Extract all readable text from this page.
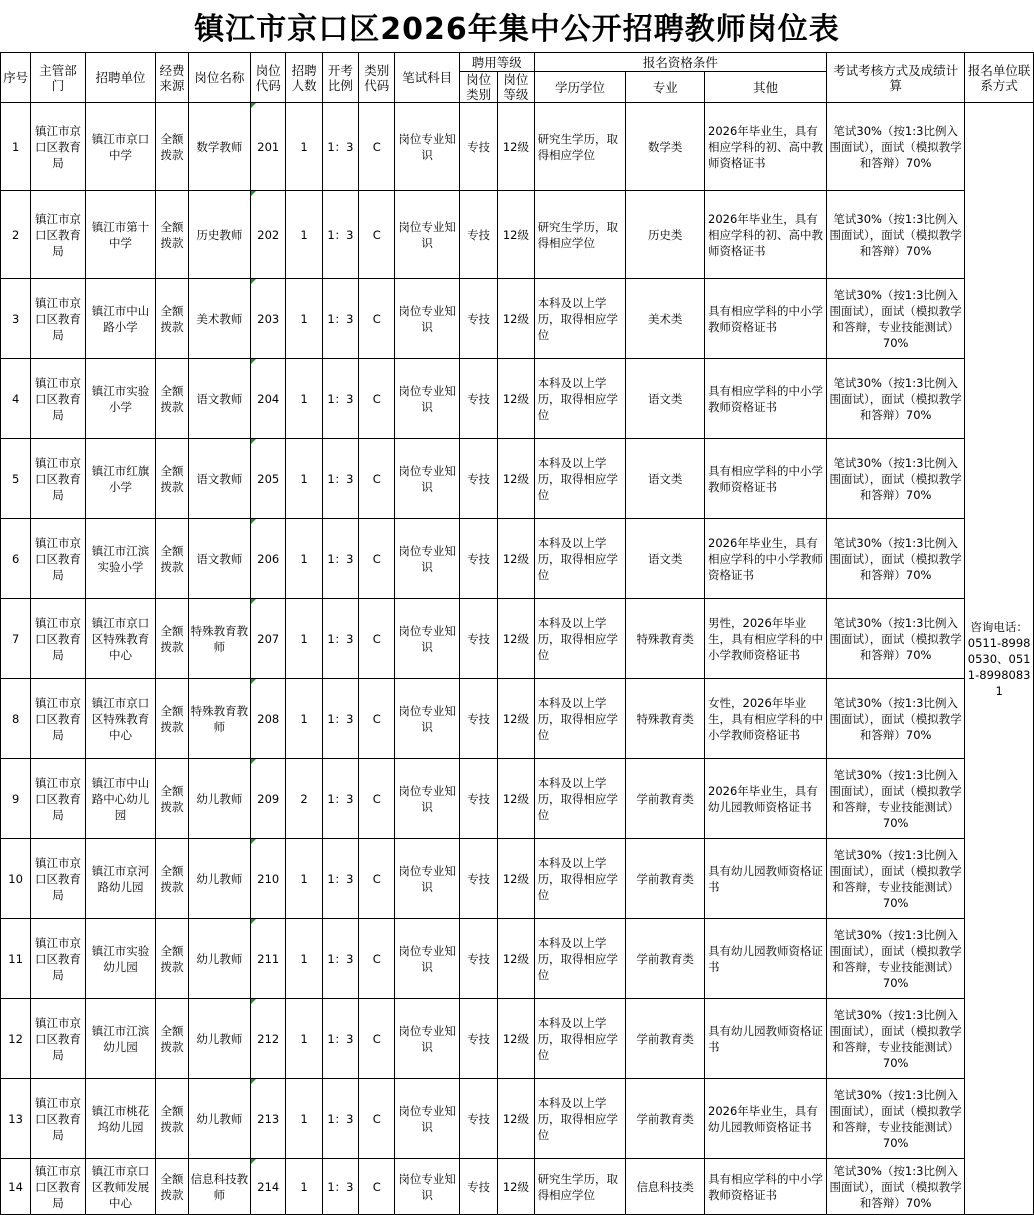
镇江市京口区2026年集中公开招聘教师岗位表
序号	主管部门	招聘单位	经费来源	岗位名称	岗位代码	招聘人数	开考比例	类别代码	笔试科目	聘用等级		报名资格条件			考试考核方式及成绩计算	报名单位联系方式
										岗位类别	岗位等级	学历学位	专业	其他		
1	镇江市京口区教育局	镇江市京口中学	全额拨款	数学教师	201	1	1：3	C	岗位专业知识	专技	12级	研究生学历，取得相应学位	数学类	2026年毕业生，具有相应学科的初、高中教师资格证书	笔试30%（按1:3比例入围面试），面试（模拟教学和答辩）70%	咨询电话：0511-89980530、0511-89980831
2	镇江市京口区教育局	镇江市第十中学	全额拨款	历史教师	202	1	1：3	C	岗位专业知识	专技	12级	研究生学历，取得相应学位	历史类	2026年毕业生，具有相应学科的初、高中教师资格证书	笔试30%（按1:3比例入围面试），面试（模拟教学和答辩）70%	
3	镇江市京口区教育局	镇江市中山路小学	全额拨款	美术教师	203	1	1：3	C	岗位专业知识	专技	12级	本科及以上学历，取得相应学位	美术类	具有相应学科的中小学教师资格证书	笔试30%（按1:3比例入围面试），面试（模拟教学和答辩，专业技能测试）70%	
4	镇江市京口区教育局	镇江市实验小学	全额拨款	语文教师	204	1	1：3	C	岗位专业知识	专技	12级	本科及以上学历，取得相应学位	语文类	具有相应学科的中小学教师资格证书	笔试30%（按1:3比例入围面试），面试（模拟教学和答辩）70%	
5	镇江市京口区教育局	镇江市红旗小学	全额拨款	语文教师	205	1	1：3	C	岗位专业知识	专技	12级	本科及以上学历，取得相应学位	语文类	具有相应学科的中小学教师资格证书	笔试30%（按1:3比例入围面试），面试（模拟教学和答辩）70%	
6	镇江市京口区教育局	镇江市江滨实验小学	全额拨款	语文教师	206	1	1：3	C	岗位专业知识	专技	12级	本科及以上学历，取得相应学位	语文类	2026年毕业生，具有相应学科的中小学教师资格证书	笔试30%（按1:3比例入围面试），面试（模拟教学和答辩）70%	
7	镇江市京口区教育局	镇江市京口区特殊教育中心	全额拨款	特殊教育教师	207	1	1：3	C	岗位专业知识	专技	12级	本科及以上学历，取得相应学位	特殊教育类	男性，2026年毕业生，具有相应学科的中小学教师资格证书	笔试30%（按1:3比例入围面试），面试（模拟教学和答辩）70%	
8	镇江市京口区教育局	镇江市京口区特殊教育中心	全额拨款	特殊教育教师	208	1	1：3	C	岗位专业知识	专技	12级	本科及以上学历，取得相应学位	特殊教育类	女性，2026年毕业生，具有相应学科的中小学教师资格证书	笔试30%（按1:3比例入围面试），面试（模拟教学和答辩）70%	
9	镇江市京口区教育局	镇江市中山路中心幼儿园	全额拨款	幼儿教师	209	2	1：3	C	岗位专业知识	专技	12级	本科及以上学历，取得相应学位	学前教育类	2026年毕业生，具有幼儿园教师资格证书	笔试30%（按1:3比例入围面试），面试（模拟教学和答辩，专业技能测试）70%	
10	镇江市京口区教育局	镇江市京河路幼儿园	全额拨款	幼儿教师	210	1	1：3	C	岗位专业知识	专技	12级	本科及以上学历，取得相应学位	学前教育类	具有幼儿园教师资格证书	笔试30%（按1:3比例入围面试），面试（模拟教学和答辩，专业技能测试）70%	
11	镇江市京口区教育局	镇江市实验幼儿园	全额拨款	幼儿教师	211	1	1：3	C	岗位专业知识	专技	12级	本科及以上学历，取得相应学位	学前教育类	具有幼儿园教师资格证书	笔试30%（按1:3比例入围面试），面试（模拟教学和答辩，专业技能测试）70%	
12	镇江市京口区教育局	镇江市江滨幼儿园	全额拨款	幼儿教师	212	1	1：3	C	岗位专业知识	专技	12级	本科及以上学历，取得相应学位	学前教育类	具有幼儿园教师资格证书	笔试30%（按1:3比例入围面试），面试（模拟教学和答辩，专业技能测试）70%	
13	镇江市京口区教育局	镇江市桃花坞幼儿园	全额拨款	幼儿教师	213	1	1：3	C	岗位专业知识	专技	12级	本科及以上学历，取得相应学位	学前教育类	2026年毕业生，具有幼儿园教师资格证书	笔试30%（按1:3比例入围面试），面试（模拟教学和答辩，专业技能测试）70%	
14	镇江市京口区教育局	镇江市京口区教师发展中心	全额拨款	信息科技教师	214	1	1：3	C	岗位专业知识	专技	12级	研究生学历，取得相应学位	信息科技类	具有相应学科的中小学教师资格证书	笔试30%（按1:3比例入围面试），面试（模拟教学和答辩）70%	
